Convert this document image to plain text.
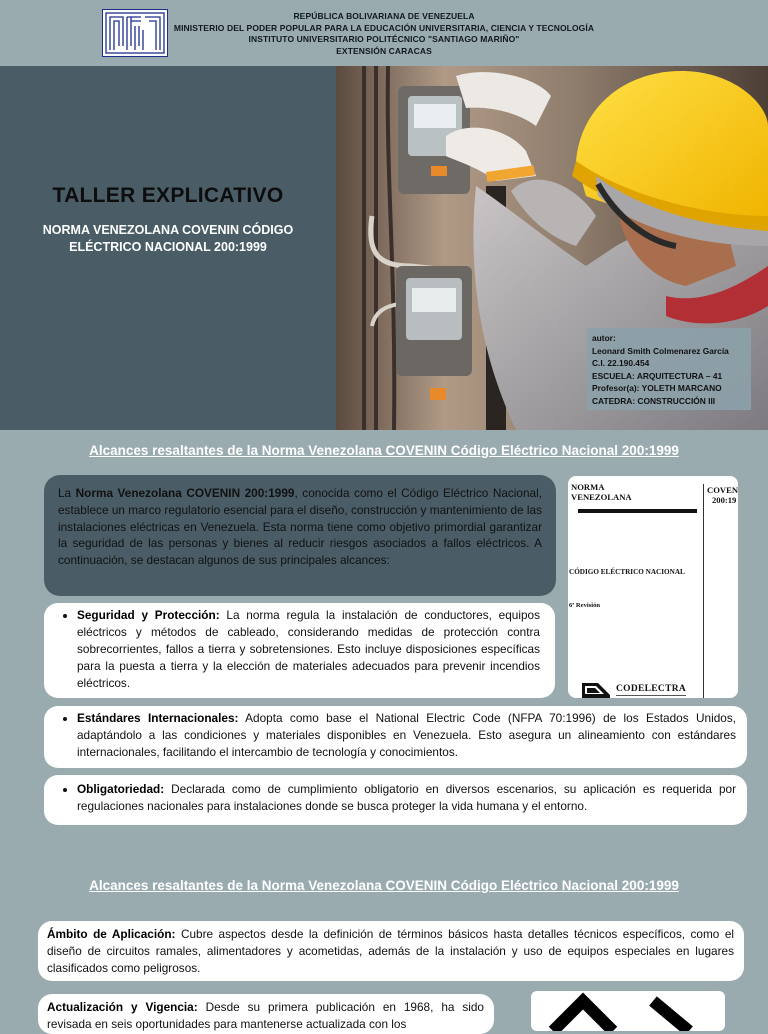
REPÚBLICA BOLIVARIANA DE VENEZUELA
MINISTERIO DEL PODER POPULAR PARA LA EDUCACIÓN UNIVERSITARIA, CIENCIA Y TECNOLOGÍA
INSTITUTO UNIVERSITARIO POLITÉCNICO "SANTIAGO MARIÑO"
EXTENSIÓN CARACAS
TALLER EXPLICATIVO
NORMA VENEZOLANA COVENIN CÓDIGO ELÉCTRICO NACIONAL 200:1999
autor:
Leonard Smith Colmenarez García
C.I. 22.190.454
ESCUELA: ARQUITECTURA – 41
Profesor(a): YOLETH MARCANO
CATEDRA: CONSTRUCCIÓN III
Alcances resaltantes de la Norma Venezolana COVENIN Código Eléctrico Nacional 200:1999
La Norma Venezolana COVENIN 200:1999, conocida como el Código Eléctrico Nacional, establece un marco regulatorio esencial para el diseño, construcción y mantenimiento de las instalaciones eléctricas en Venezuela. Esta norma tiene como objetivo primordial garantizar la seguridad de las personas y bienes al reducir riesgos asociados a fallos eléctricos. A continuación, se destacan algunos de sus principales alcances:
• Seguridad y Protección: La norma regula la instalación de conductores, equipos eléctricos y métodos de cableado, considerando medidas de protección contra sobrecorrientes, fallos a tierra y sobretensiones. Esto incluye disposiciones específicas para la puesta a tierra y la elección de materiales adecuados para prevenir incendios eléctricos.
NORMA
VENEZOLANA
COVEN
200:19
CÓDIGO ELÉCTRICO NACIONAL
6ª Revisión
CODELECTRA
• Estándares Internacionales: Adopta como base el National Electric Code (NFPA 70:1996) de los Estados Unidos, adaptándolo a las condiciones y materiales disponibles en Venezuela. Esto asegura un alineamiento con estándares internacionales, facilitando el intercambio de tecnología y conocimientos.
• Obligatoriedad: Declarada como de cumplimiento obligatorio en diversos escenarios, su aplicación es requerida por regulaciones nacionales para instalaciones donde se busca proteger la vida humana y el entorno.
Alcances resaltantes de la Norma Venezolana COVENIN Código Eléctrico Nacional 200:1999
Ámbito de Aplicación: Cubre aspectos desde la definición de términos básicos hasta detalles técnicos específicos, como el diseño de circuitos ramales, alimentadores y acometidas, además de la instalación y uso de equipos especiales en lugares clasificados como peligrosos.
Actualización y Vigencia: Desde su primera publicación en 1968, ha sido revisada en seis oportunidades para mantenerse actualizada con los
